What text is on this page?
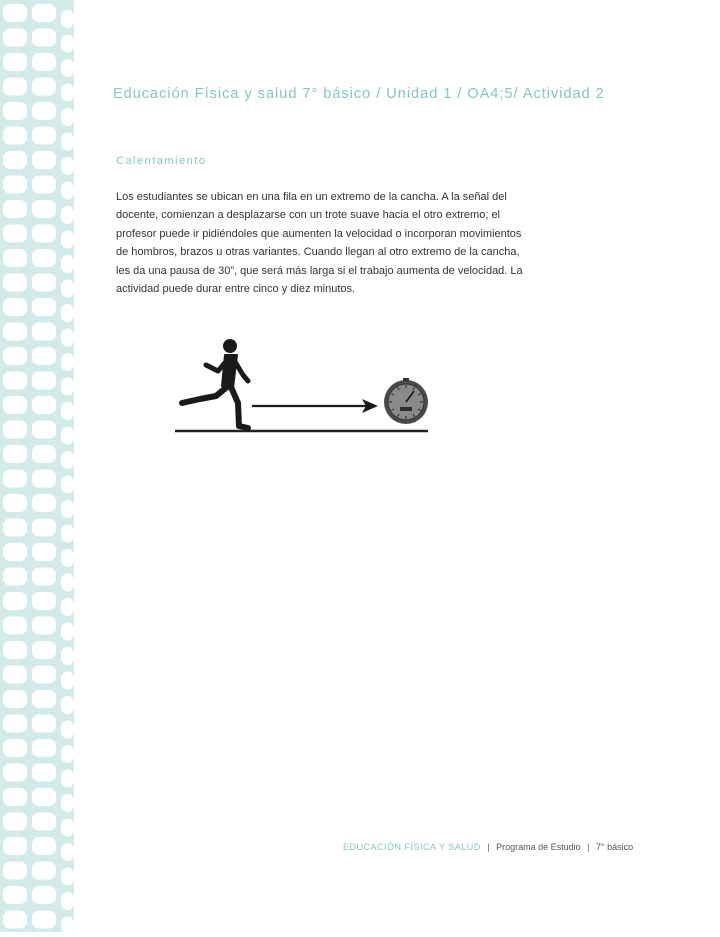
Educación Física y salud 7° básico / Unidad 1 / OA4;5/ Actividad 2
Calentamiento

Los estudiantes se ubican en una fila en un extremo de la cancha. A la señal del docente, comienzan a desplazarse con un trote suave hacia el otro extremo; el profesor puede ir pidiéndoles que aumenten la velocidad o incorporan movimientos de hombros, brazos u otras variantes. Cuando llegan al otro extremo de la cancha, les da una pausa de 30”, que será más larga si el trabajo aumenta de velocidad. La actividad puede durar entre cinco y diez minutos.

EDUCACIÓN FÍSICA Y SALUD | Programa de Estudio | 7° básico
